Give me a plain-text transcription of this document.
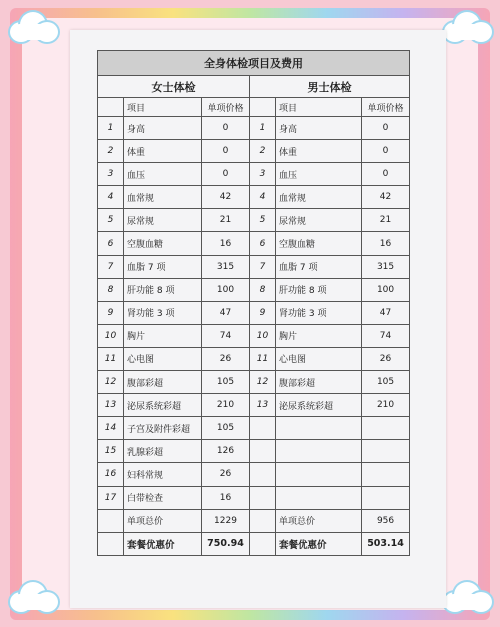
全身体检项目及费用					
女士体检			男士体检		
	项目	单项价格		项目	单项价格
1	身高	0	1	身高	0
2	体重	0	2	体重	0
3	血压	0	3	血压	0
4	血常规	42	4	血常规	42
5	尿常规	21	5	尿常规	21
6	空腹血糖	16	6	空腹血糖	16
7	血脂 7 项	315	7	血脂 7 项	315
8	肝功能 8 项	100	8	肝功能 8 项	100
9	肾功能 3 项	47	9	肾功能 3 项	47
10	胸片	74	10	胸片	74
11	心电图	26	11	心电图	26
12	腹部彩超	105	12	腹部彩超	105
13	泌尿系统彩超	210	13	泌尿系统彩超	210
14	子宫及附件彩超	105			
15	乳腺彩超	126			
16	妇科常规	26			
17	白带检查	16			
	单项总价	1229		单项总价	956
	套餐优惠价	750.94		套餐优惠价	503.14
